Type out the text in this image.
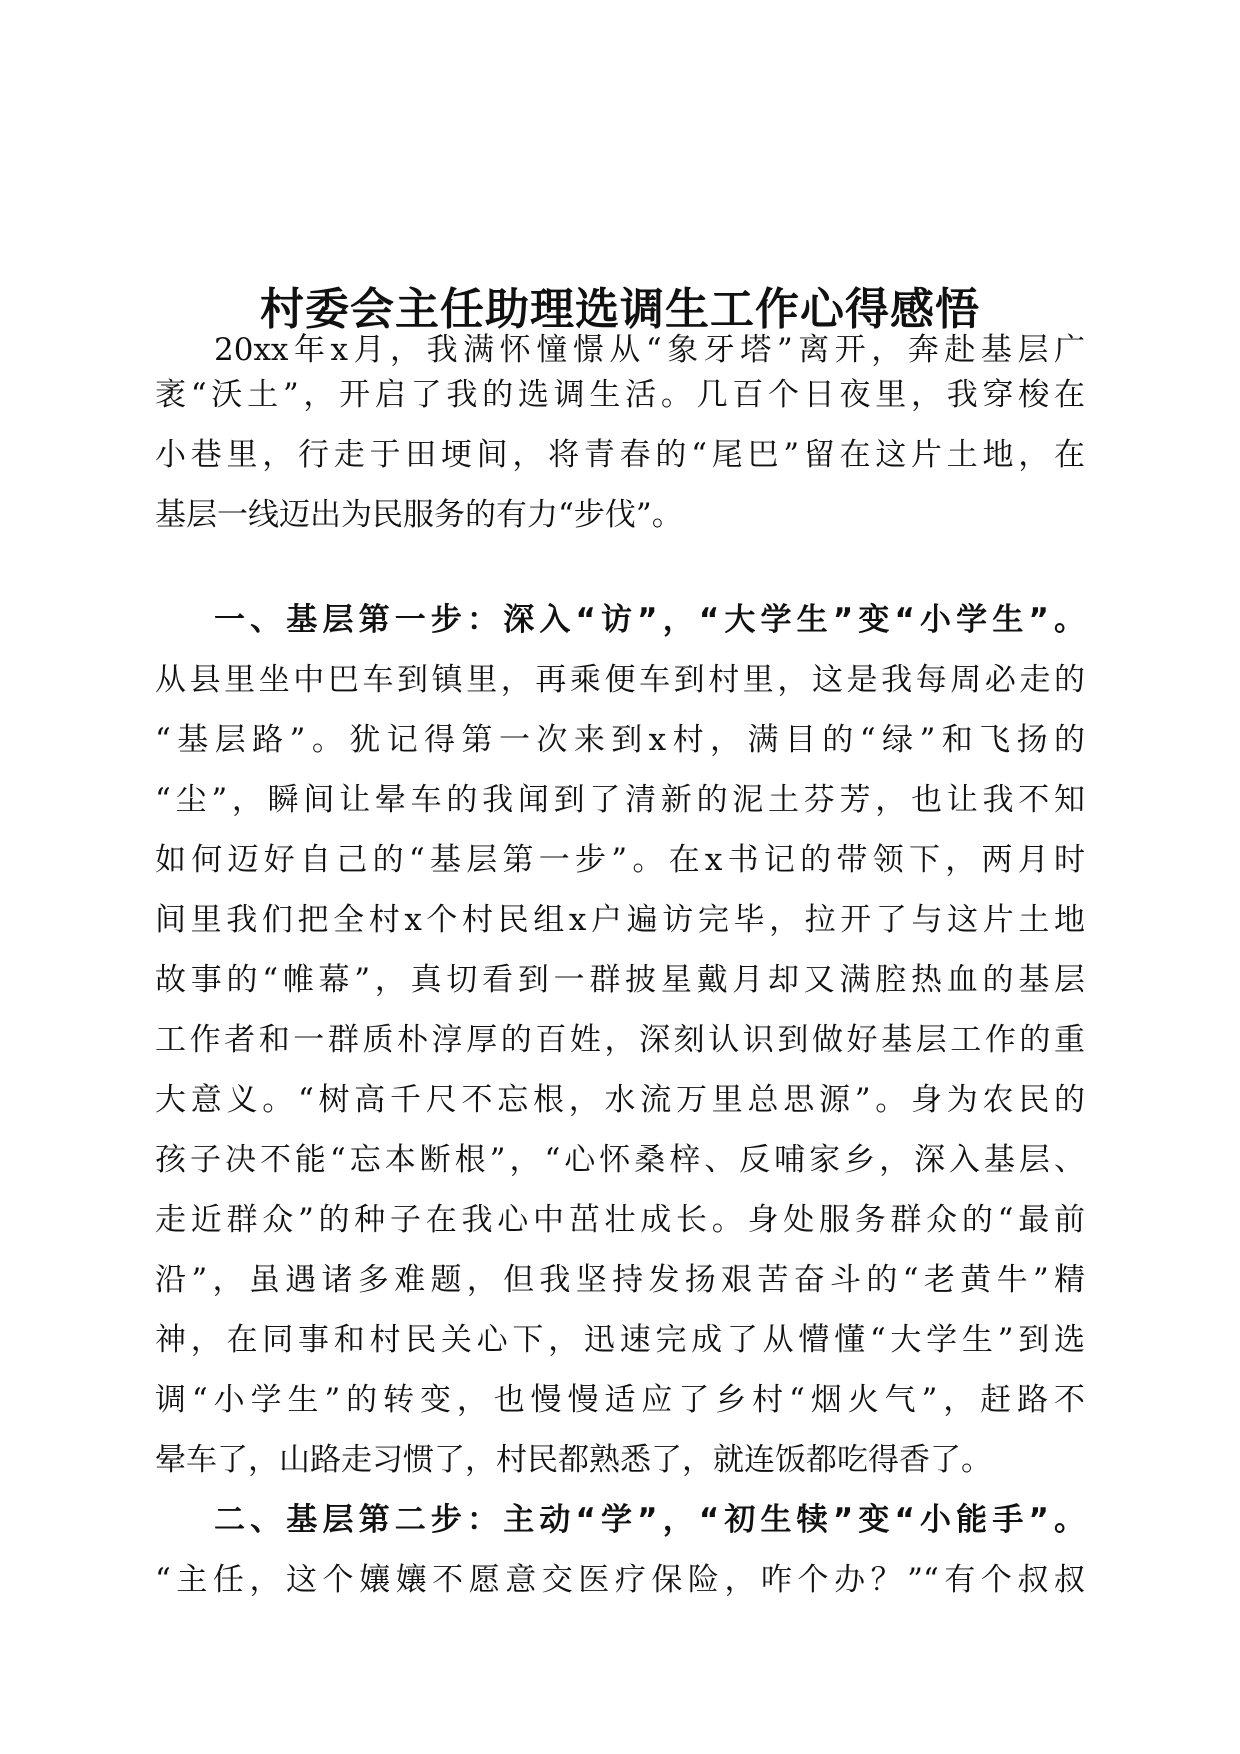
村委会主任助理选调生工作心得感悟

20xx年x月，我满怀憧憬从“象牙塔”离开，奔赴基层广

袤“沃土”，开启了我的选调生活。几百个日夜里，我穿梭在

小巷里，行走于田埂间，将青春的“尾巴”留在这片土地，在

基层一线迈出为民服务的有力“步伐”。

一、基层第一步：深入“访”，“大学生”变“小学生”。

从县里坐中巴车到镇里，再乘便车到村里，这是我每周必走的

“基层路”。犹记得第一次来到x村，满目的“绿”和飞扬的

“尘”，瞬间让晕车的我闻到了清新的泥土芬芳，也让我不知

如何迈好自己的“基层第一步”。在x书记的带领下，两月时

间里我们把全村x个村民组x户遍访完毕，拉开了与这片土地

故事的“帷幕”，真切看到一群披星戴月却又满腔热血的基层

工作者和一群质朴淳厚的百姓，深刻认识到做好基层工作的重

大意义。“树高千尺不忘根，水流万里总思源”。身为农民的

孩子决不能“忘本断根”，“心怀桑梓、反哺家乡，深入基层、

走近群众”的种子在我心中茁壮成长。身处服务群众的“最前

沿”，虽遇诸多难题，但我坚持发扬艰苦奋斗的“老黄牛”精

神，在同事和村民关心下，迅速完成了从懵懂“大学生”到选

调“小学生”的转变，也慢慢适应了乡村“烟火气”，赶路不

晕车了，山路走习惯了，村民都熟悉了，就连饭都吃得香了。

二、基层第二步：主动“学”，“初生犊”变“小能手”。

“主任，这个孃孃不愿意交医疗保险，咋个办？”“有个叔叔
